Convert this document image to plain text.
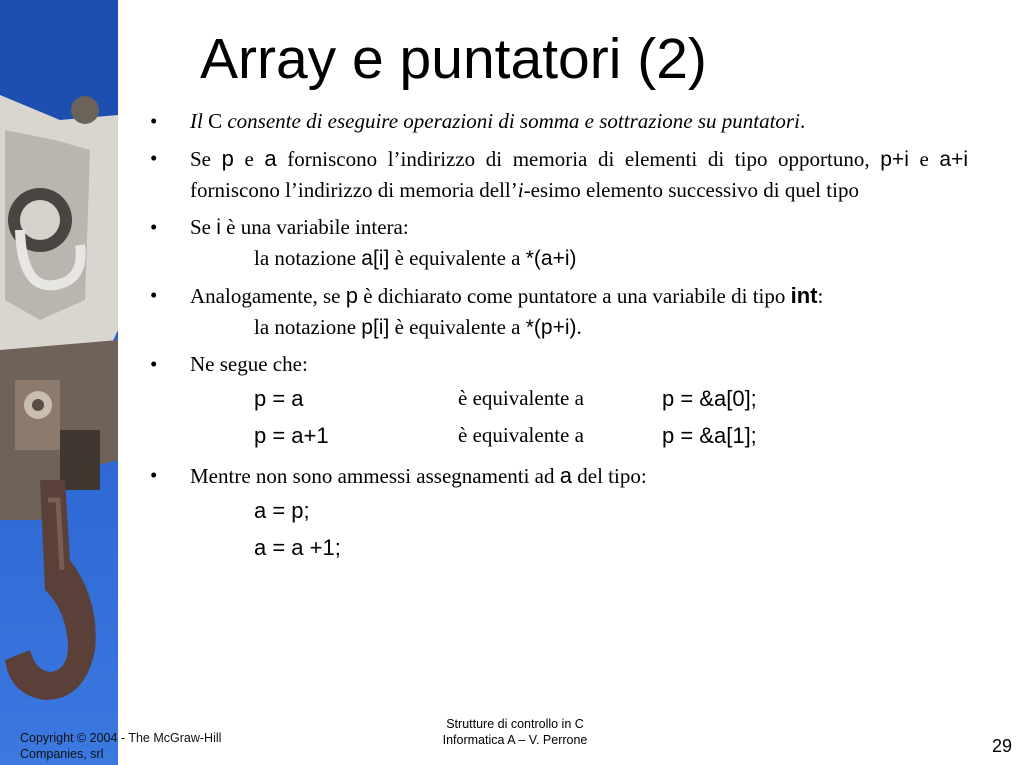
Array e puntatori (2)
• Il C consente di eseguire operazioni di somma e sottrazione su puntatori.
• Se p e a forniscono l’indirizzo di memoria di elementi di tipo opportuno, p+i e a+i forniscono l’indirizzo di memoria dell’i-esimo elemento successivo di quel tipo
• Se i è una variabile intera:
la notazione a[i] è equivalente a *(a+i)
• Analogamente, se p è dichiarato come puntatore a una variabile di tipo int:
la notazione p[i] è equivalente a *(p+i).
• Ne segue che:
p = a	è equivalente a	p = &a[0];
p = a+1	è equivalente a	p = &a[1];
• Mentre non sono ammessi assegnamenti ad a del tipo:
a = p;
a = a +1;
Copyright © 2004 - The McGraw-Hill
Companies, srl
Strutture di controllo in C
Informatica A – V. Perrone	29
